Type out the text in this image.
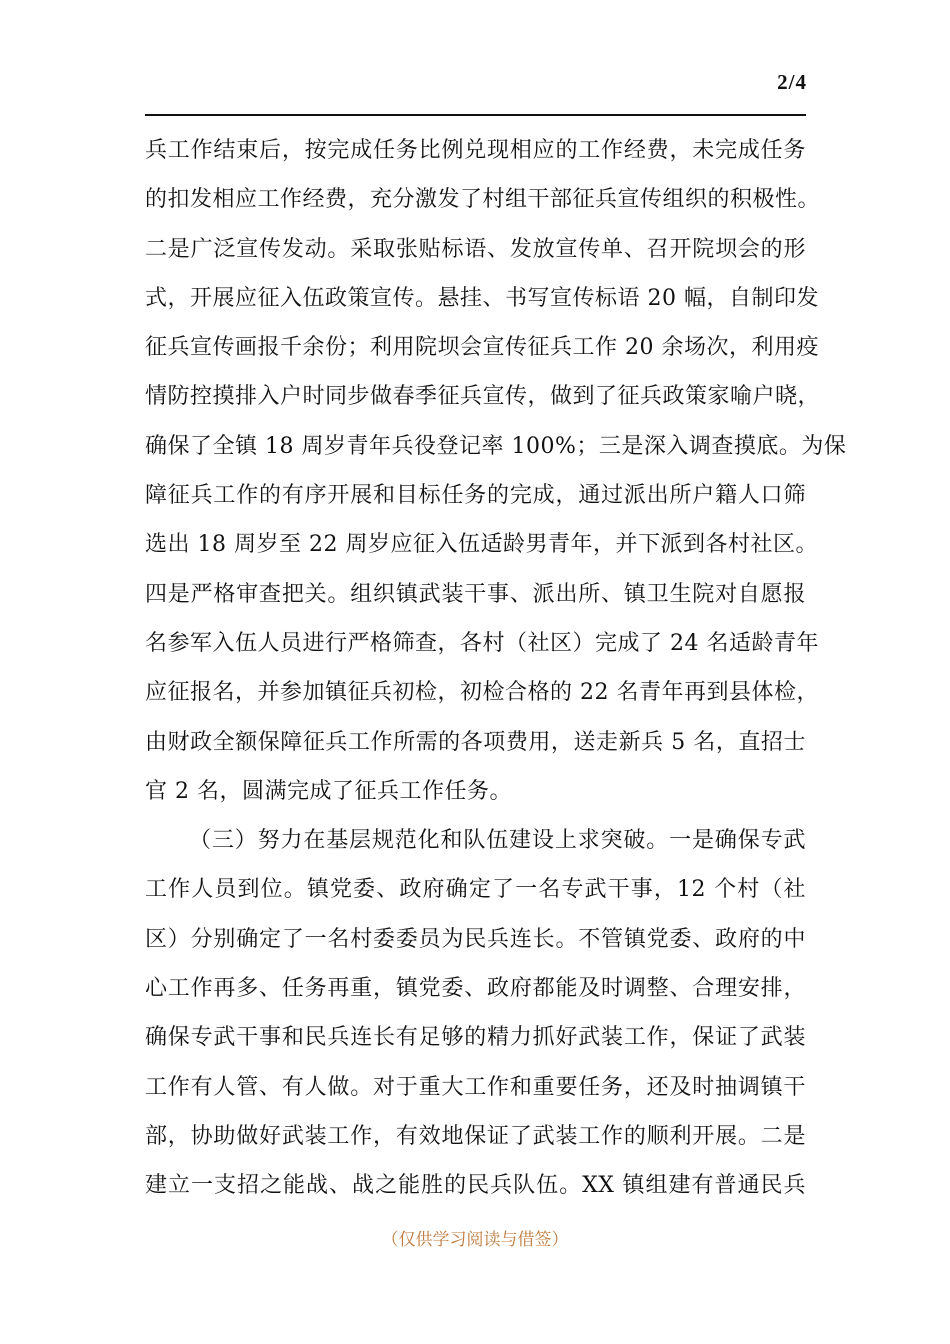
2/4
兵工作结束后，按完成任务比例兑现相应的工作经费，未完成任务
的扣发相应工作经费，充分激发了村组干部征兵宣传组织的积极性。
二是广泛宣传发动。采取张贴标语、发放宣传单、召开院坝会的形
式，开展应征入伍政策宣传。悬挂、书写宣传标语 20 幅，自制印发
征兵宣传画报千余份；利用院坝会宣传征兵工作 20 余场次，利用疫
情防控摸排入户时同步做春季征兵宣传，做到了征兵政策家喻户晓，
确保了全镇 18 周岁青年兵役登记率 100%；三是深入调查摸底。为保
障征兵工作的有序开展和目标任务的完成，通过派出所户籍人口筛
选出 18 周岁至 22 周岁应征入伍适龄男青年，并下派到各村社区。
四是严格审查把关。组织镇武装干事、派出所、镇卫生院对自愿报
名参军入伍人员进行严格筛查，各村（社区）完成了 24 名适龄青年
应征报名，并参加镇征兵初检，初检合格的 22 名青年再到县体检，
由财政全额保障征兵工作所需的各项费用，送走新兵 5 名，直招士
官 2 名，圆满完成了征兵工作任务。
（三）努力在基层规范化和队伍建设上求突破。一是确保专武
工作人员到位。镇党委、政府确定了一名专武干事，12 个村（社
区）分别确定了一名村委委员为民兵连长。不管镇党委、政府的中
心工作再多、任务再重，镇党委、政府都能及时调整、合理安排，
确保专武干事和民兵连长有足够的精力抓好武装工作，保证了武装
工作有人管、有人做。对于重大工作和重要任务，还及时抽调镇干
部，协助做好武装工作，有效地保证了武装工作的顺利开展。二是
建立一支招之能战、战之能胜的民兵队伍。XX 镇组建有普通民兵
（仅供学习阅读与借签）
